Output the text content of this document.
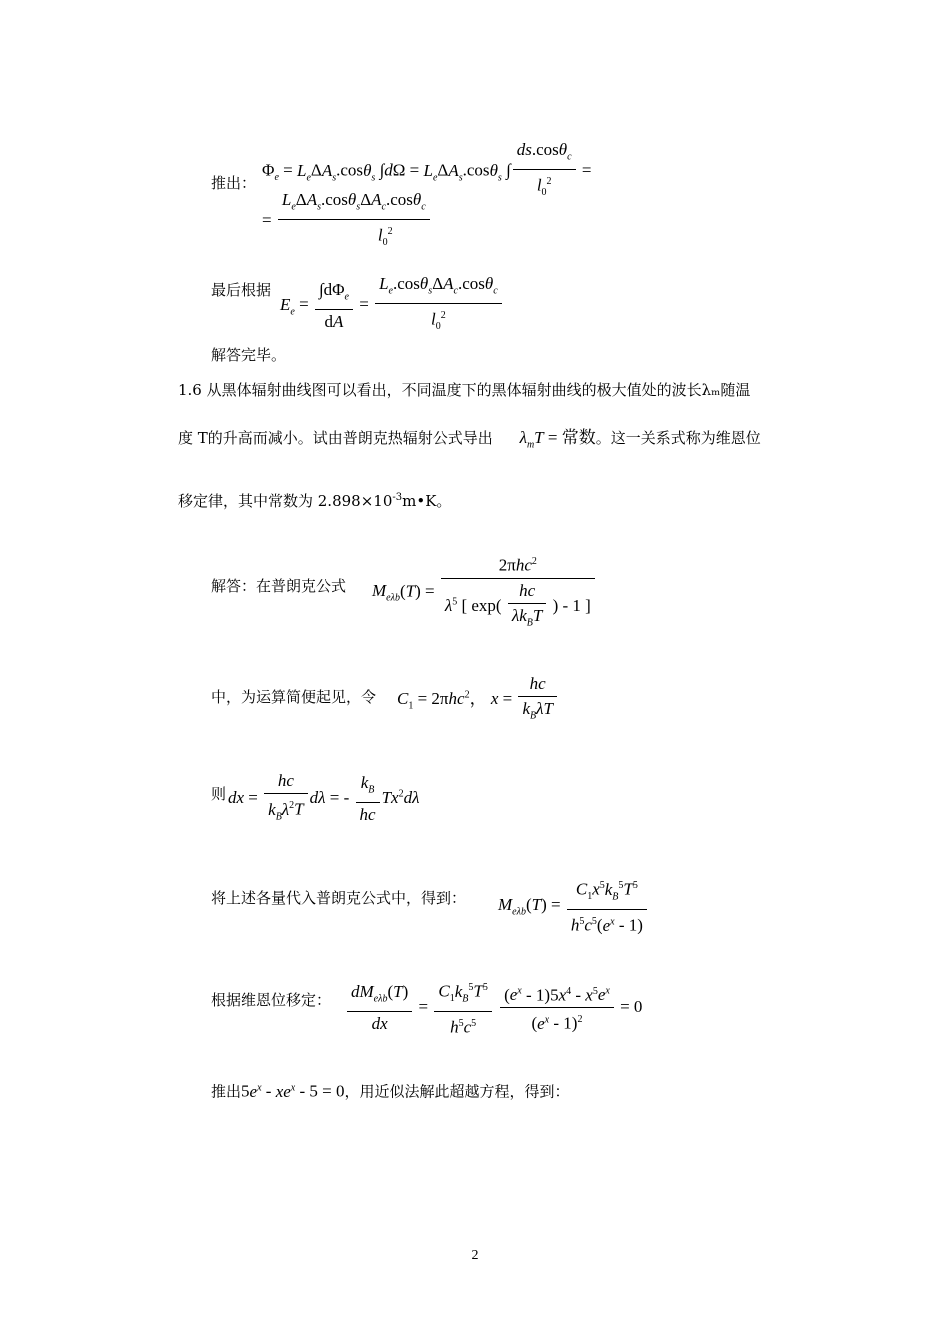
$\Phi_e = L_e\Delta A_s.\cos\theta_s$ $\int d\Omega = L_e\Delta A_s.\cos\theta_s$ ∫ $\frac{ds.\cos\theta_c}{l_0^2}$ =
推出：
= $\frac{L_e\Delta A_s.\cos\theta_s\Delta A_c.\cos\theta_c}{l_0^2}$
最后根据
$E_e = \frac{\int d\Phi_e}{dA} = \frac{L_e.\cos\theta_s\Delta A_c.\cos\theta_c}{l_0^2}$
解答完毕。
1.6 从黑体辐射曲线图可以看出，不同温度下的黑体辐射曲线的极大值处的波长λₘ随温
度 T的升高而减小。试由普朗克热辐射公式导出 $\lambda_mT$ = 常数。这一关系式称为维恩位
移定律，其中常数为 $2.898\times 10^{-3}m•K$。
解答：在普朗克公式 $M_{e\lambda b}(T) = \frac{2\pi hc^2}{\lambda^5 [ \exp( \frac{hc}{\lambda k_BT} ) - 1 ]}$
中，为运算简便起见，令 $C_1 = 2\pi hc^2$， $x = \frac{hc}{k_B\lambda T}$
则 dx = $\frac{hc}{k_B\lambda^2T}$ dλ = - $\frac{k_B}{hc} Tx^2d\lambda$
将上述各量代入普朗克公式中，得到： $M_{e\lambda b}(T) = \frac{C_1x^5k_B^5T^5}{h^5c^5(e^x - 1)}$
根据维恩位移定： $\frac{dM_{e\lambda b}(T)}{dx} = \frac{C_1k_B^5T^5}{h^5c^5}$
$\frac{(e^x - 1)5x^4 - x^5e^x}{(e^x - 1)^2} = 0$
推出$5e^x - xe^x - 5 = 0$，用近似法解此超越方程，得到：
2
